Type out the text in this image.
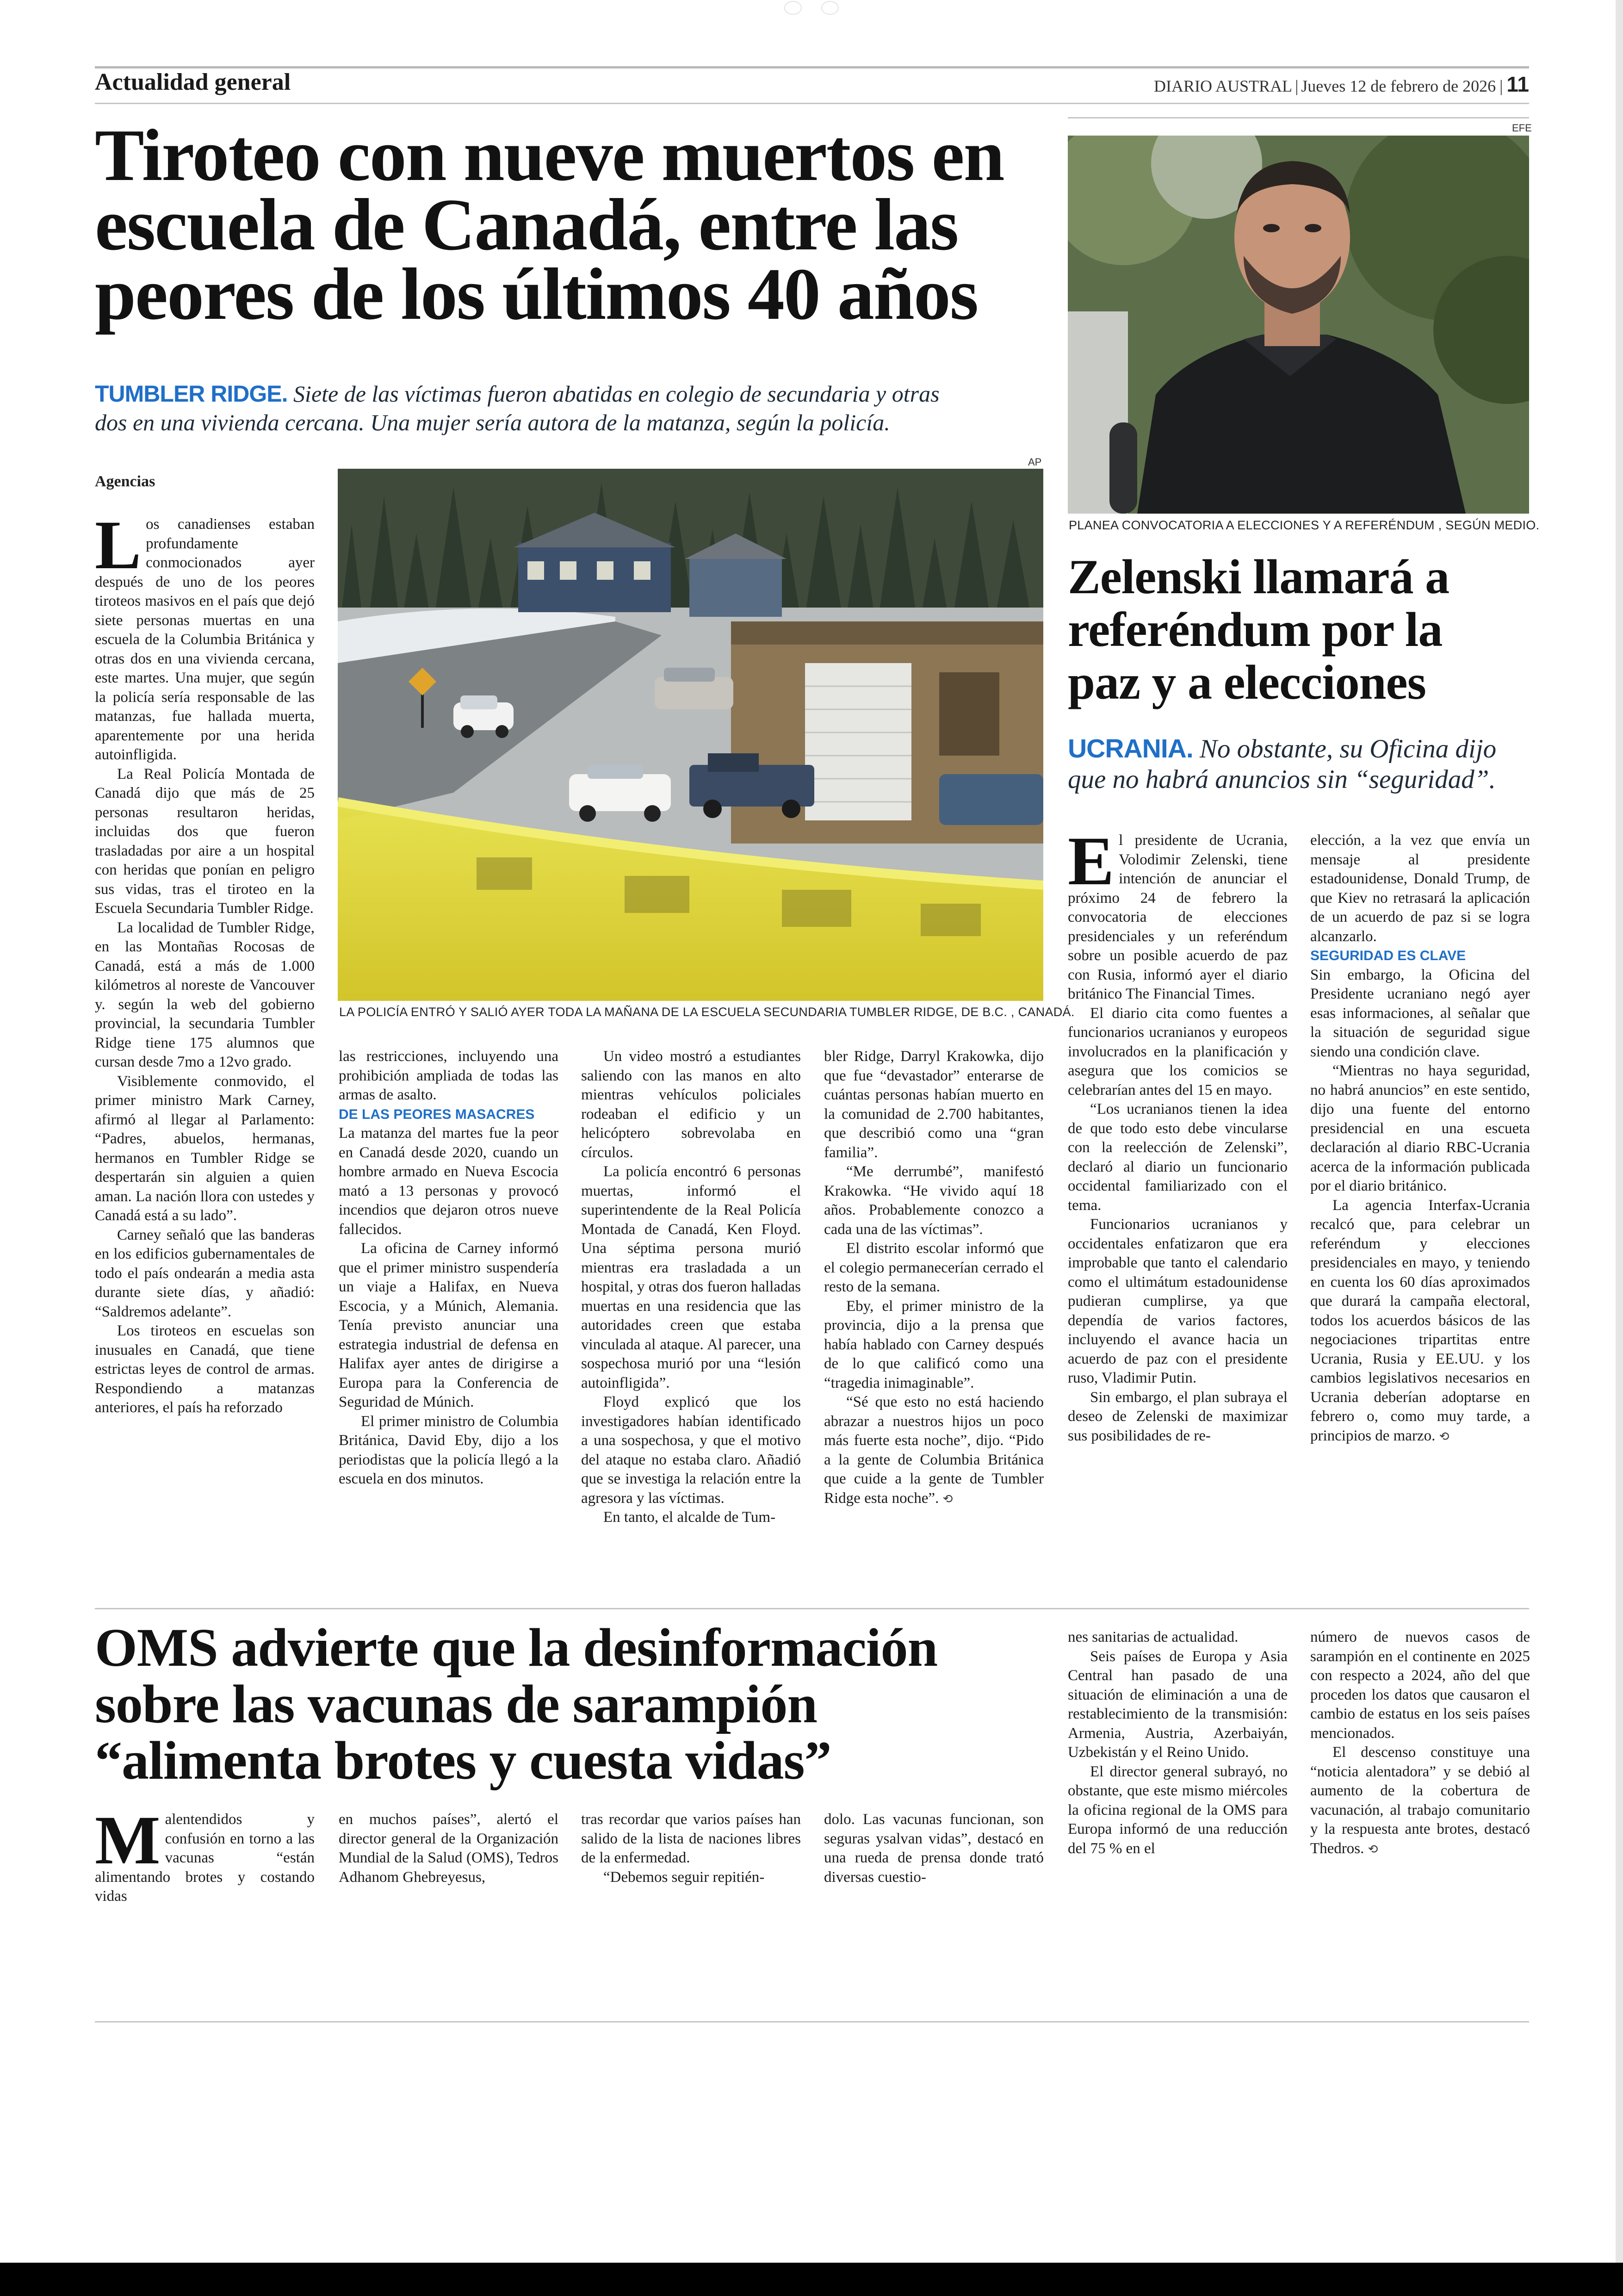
Actualidad general	DIARIO AUSTRAL | Jueves 12 de febrero de 2026 | 11
Tiroteo con nueve muertos en
escuela de Canadá, entre las
peores de los últimos 40 años
TUMBLER RIDGE. Siete de las víctimas fueron abatidas en colegio de secundaria y otras
dos en una vivienda cercana. Una mujer sería autora de la matanza, según la policía.
AP
LA POLICÍA ENTRÓ Y SALIÓ AYER TODA LA MAÑANA DE LA ESCUELA SECUNDARIA TUMBLER RIDGE, DE B.C. , CANADÁ.
Agencias

Los canadienses estaban profundamente conmocionados ayer después de uno de los peores tiroteos masivos en el país que dejó siete personas muertas en una escuela de la Columbia Británica y otras dos en una vivienda cercana, este martes. Una mujer, que según la policía sería responsable de las matanzas, fue hallada muerta, aparentemente por una herida autoinfligida.

La Real Policía Montada de Canadá dijo que más de 25 personas resultaron heridas, incluidas dos que fueron trasladadas por aire a un hospital con heridas que ponían en peligro sus vidas, tras el tiroteo en la Escuela Secundaria Tumbler Ridge.

La localidad de Tumbler Ridge, en las Montañas Rocosas de Canadá, está a más de 1.000 kilómetros al noreste de Vancouver y. según la web del gobierno provincial, la secundaria Tumbler Ridge tiene 175 alumnos que cursan desde 7mo a 12vo grado.

Visiblemente conmovido, el primer ministro Mark Carney, afirmó al llegar al Parlamento: “Padres, abuelos, hermanas, hermanos en Tumbler Ridge se despertarán sin alguien a quien aman. La nación llora con ustedes y Canadá está a su lado”.

Carney señaló que las banderas en los edificios gubernamentales de todo el país ondearán a media asta durante siete días, y añadió: “Saldremos adelante”.

Los tiroteos en escuelas son inusuales en Canadá, que tiene estrictas leyes de control de armas. Respondiendo a matanzas anteriores, el país ha reforzado

las restricciones, incluyendo una prohibición ampliada de todas las armas de asalto.

DE LAS PEORES MASACRES

La matanza del martes fue la peor en Canadá desde 2020, cuando un hombre armado en Nueva Escocia mató a 13 personas y provocó incendios que dejaron otros nueve fallecidos.

La oficina de Carney informó que el primer ministro suspendería un viaje a Halifax, en Nueva Escocia, y a Múnich, Alemania. Tenía previsto anunciar una estrategia industrial de defensa en Halifax ayer antes de dirigirse a Europa para la Conferencia de Seguridad de Múnich.

El primer ministro de Columbia Británica, David Eby, dijo a los periodistas que la policía llegó a la escuela en dos minutos.

Un video mostró a estudiantes saliendo con las manos en alto mientras vehículos policiales rodeaban el edificio y un helicóptero sobrevolaba en círculos.

La policía encontró 6 personas muertas, informó el superintendente de la Real Policía Montada de Canadá, Ken Floyd. Una séptima persona murió mientras era trasladada a un hospital, y otras dos fueron halladas muertas en una residencia que las autoridades creen que estaba vinculada al ataque. Al parecer, una sospechosa murió por una “lesión autoinfligida”.

Floyd explicó que los investigadores habían identificado a una sospechosa, y que el motivo del ataque no estaba claro. Añadió que se investiga la relación entre la agresora y las víctimas.

En tanto, el alcalde de Tum-

bler Ridge, Darryl Krakowka, dijo que fue “devastador” enterarse de cuántas personas habían muerto en la comunidad de 2.700 habitantes, que describió como una “gran familia”.

“Me derrumbé”, manifestó Krakowka. “He vivido aquí 18 años. Probablemente conozco a cada una de las víctimas”.

El distrito escolar informó que el colegio permanecerían cerrado el resto de la semana.

Eby, el primer ministro de la provincia, dijo a la prensa que había hablado con Carney después de lo que calificó como una “tragedia inimaginable”.

“Sé que esto no está haciendo abrazar a nuestros hijos un poco más fuerte esta noche”, dijo. “Pido a la gente de Columbia Británica que cuide a la gente de Tumbler Ridge esta noche”. ⟲

EFE
PLANEA CONVOCATORIA A ELECCIONES Y A REFERÉNDUM , SEGÚN MEDIO.
Zelenski llamará a
referéndum por la
paz y a elecciones
UCRANIA. No obstante, su Oficina dijo
que no habrá anuncios sin “seguridad”.

El presidente de Ucrania, Volodimir Zelenski, tiene intención de anunciar el próximo 24 de febrero la convocatoria de elecciones presidenciales y un referéndum sobre un posible acuerdo de paz con Rusia, informó ayer el diario británico The Financial Times.

El diario cita como fuentes a funcionarios ucranianos y europeos involucrados en la planificación y asegura que los comicios se celebrarían antes del 15 en mayo.

“Los ucranianos tienen la idea de que todo esto debe vincularse con la reelección de Zelenski”, declaró al diario un funcionario occidental familiarizado con el tema.

Funcionarios ucranianos y occidentales enfatizaron que era improbable que tanto el calendario como el ultimátum estadounidense pudieran cumplirse, ya que dependía de varios factores, incluyendo el avance hacia un acuerdo de paz con el presidente ruso, Vladimir Putin.

Sin embargo, el plan subraya el deseo de Zelenski de maximizar sus posibilidades de re-

elección, a la vez que envía un mensaje al presidente estadounidense, Donald Trump, de que Kiev no retrasará la aplicación de un acuerdo de paz si se logra alcanzarlo.

SEGURIDAD ES CLAVE

Sin embargo, la Oficina del Presidente ucraniano negó ayer esas informaciones, al señalar que la situación de seguridad sigue siendo una condición clave.

“Mientras no haya seguridad, no habrá anuncios” en este sentido, dijo una fuente del entorno presidencial en una escueta declaración al diario RBC-Ucrania acerca de la información publicada por el diario británico.

La agencia Interfax-Ucrania recalcó que, para celebrar un referéndum y elecciones presidenciales en mayo, y teniendo en cuenta los 60 días aproximados que durará la campaña electoral, todos los acuerdos básicos de las negociaciones tripartitas entre Ucrania, Rusia y EE.UU. y los cambios legislativos necesarios en Ucrania deberían adoptarse en febrero o, como muy tarde, a principios de marzo. ⟲

OMS advierte que la desinformación
sobre las vacunas de sarampión
“alimenta brotes y cuesta vidas”

Malentendidos y confusión en torno a las vacunas “están alimentando brotes y costando vidas

en muchos países”, alertó el director general de la Organización Mundial de la Salud (OMS), Tedros Adhanom Ghebreyesus,

tras recordar que varios países han salido de la lista de naciones libres de la enfermedad.

“Debemos seguir repitién-

dolo. Las vacunas funcionan, son seguras ysalvan vidas”, destacó en una rueda de prensa donde trató diversas cuestio-

nes sanitarias de actualidad.

Seis países de Europa y Asia Central han pasado de una situación de eliminación a una de restablecimiento de la transmisión: Armenia, Austria, Azerbaiyán, Uzbekistán y el Reino Unido.

El director general subrayó, no obstante, que este mismo miércoles la oficina regional de la OMS para Europa informó de una reducción del 75 % en el

número de nuevos casos de sarampión en el continente en 2025 con respecto a 2024, año del que proceden los datos que causaron el cambio de estatus en los seis países mencionados.

El descenso constituye una “noticia alentadora” y se debió al aumento de la cobertura de vacunación, al trabajo comunitario y la respuesta ante brotes, destacó Thedros. ⟲
